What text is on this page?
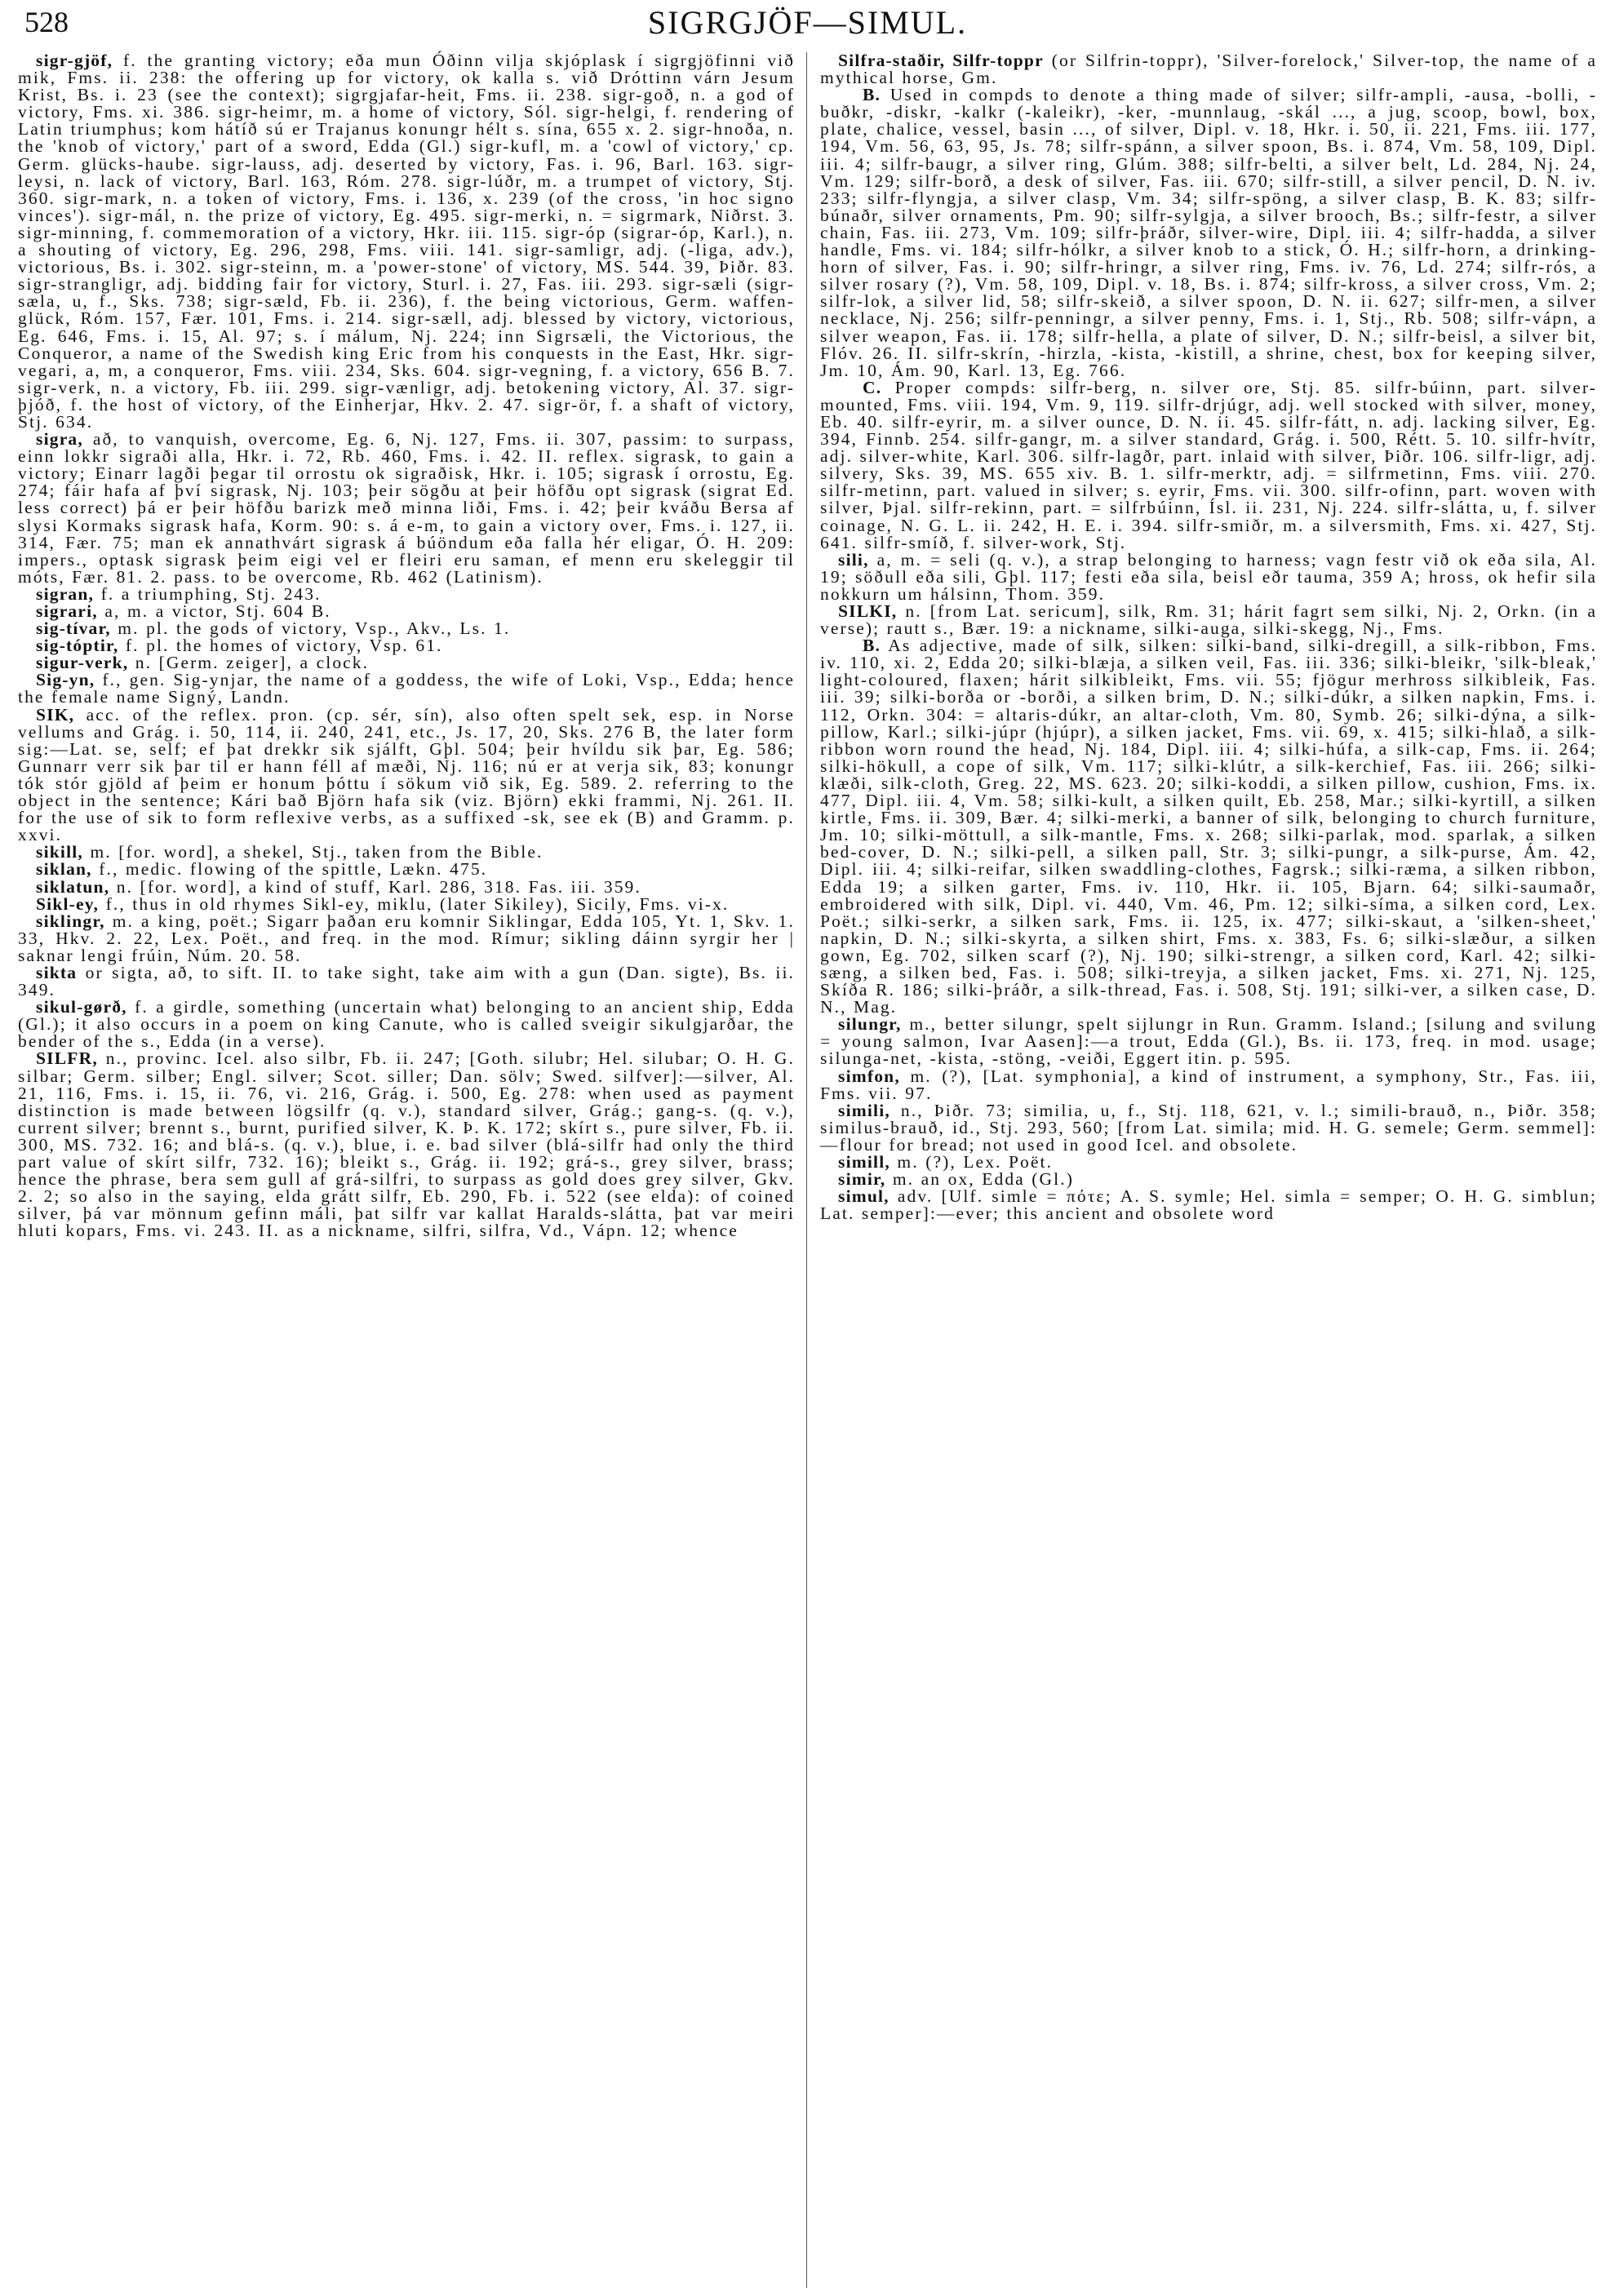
528	SIGRGJÖF—SIMUL.

sigr-gjöf, f. the granting victory; eða mun Óðinn vilja skjóplask í sigrgjöfinni við mik, Fms. ii. 238: the offering up for victory, ok kalla s. við Dróttinn várn Jesum Krist, Bs. i. 23 (see the context); sigrgjafar-heit, Fms. ii. 238. sigr-goð, n. a god of victory, Fms. xi. 386. sigr-heimr, m. a home of victory, Sól. sigr-helgi, f. rendering of Latin triumphus; kom hátíð sú er Trajanus konungr hélt s. sína, 655 x. 2. sigr-hnoða, n. the 'knob of victory,' part of a sword, Edda (Gl.) sigr-kufl, m. a 'cowl of victory,' cp. Germ. glücks-haube. sigr-lauss, adj. deserted by victory, Fas. i. 96, Barl. 163. sigr-leysi, n. lack of victory, Barl. 163, Róm. 278. sigr-lúðr, m. a trumpet of victory, Stj. 360. sigr-mark, n. a token of victory, Fms. i. 136, x. 239 (of the cross, 'in hoc signo vinces'). sigr-mál, n. the prize of victory, Eg. 495. sigr-merki, n. = sigrmark, Niðrst. 3. sigr-minning, f. commemoration of a victory, Hkr. iii. 115. sigr-óp (sigrar-óp, Karl.), n. a shouting of victory, Eg. 296, 298, Fms. viii. 141. sigr-samligr, adj. (-liga, adv.), victorious, Bs. i. 302. sigr-steinn, m. a 'power-stone' of victory, MS. 544. 39, Þiðr. 83. sigr-strangligr, adj. bidding fair for victory, Sturl. i. 27, Fas. iii. 293. sigr-sæli (sigr-sæla, u, f., Sks. 738; sigr-sæld, Fb. ii. 236), f. the being victorious, Germ. waffen-glück, Róm. 157, Fær. 101, Fms. i. 214. sigr-sæll, adj. blessed by victory, victorious, Eg. 646, Fms. i. 15, Al. 97; s. í málum, Nj. 224; inn Sigrsæli, the Victorious, the Conqueror, a name of the Swedish king Eric from his conquests in the East, Hkr. sigr-vegari, a, m, a conqueror, Fms. viii. 234, Sks. 604. sigr-vegning, f. a victory, 656 B. 7. sigr-verk, n. a victory, Fb. iii. 299. sigr-vænligr, adj. betokening victory, Al. 37. sigr-þjóð, f. the host of victory, of the Einherjar, Hkv. 2. 47. sigr-ör, f. a shaft of victory, Stj. 634.

sigra, að, to vanquish, overcome, Eg. 6, Nj. 127, Fms. ii. 307, passim: to surpass, einn lokkr sigraði alla, Hkr. i. 72, Rb. 460, Fms. i. 42. II. reflex. sigrask, to gain a victory; Einarr lagði þegar til orrostu ok sigraðisk, Hkr. i. 105; sigrask í orrostu, Eg. 274; fáir hafa af því sigrask, Nj. 103; þeir sögðu at þeir höfðu opt sigrask (sigrat Ed. less correct) þá er þeir höfðu barizk með minna liði, Fms. i. 42; þeir kváðu Bersa af slysi Kormaks sigrask hafa, Korm. 90: s. á e-m, to gain a victory over, Fms. i. 127, ii. 314, Fær. 75; man ek annathvárt sigrask á búöndum eða falla hér eligar, Ó. H. 209: impers., optask sigrask þeim eigi vel er fleiri eru saman, ef menn eru skeleggir til móts, Fær. 81. 2. pass. to be overcome, Rb. 462 (Latinism).

sigran, f. a triumphing, Stj. 243.

sigrari, a, m. a victor, Stj. 604 B.

sig-tívar, m. pl. the gods of victory, Vsp., Akv., Ls. 1.

sig-tóptir, f. pl. the homes of victory, Vsp. 61.

sigur-verk, n. [Germ. zeiger], a clock.

Sig-yn, f., gen. Sig-ynjar, the name of a goddess, the wife of Loki, Vsp., Edda; hence the female name Signý, Landn.

SIK, acc. of the reflex. pron. (cp. sér, sín), also often spelt sek, esp. in Norse vellums and Grág. i. 50, 114, ii. 240, 241, etc., Js. 17, 20, Sks. 276 B, the later form sig:—Lat. se, self; ef þat drekkr sik sjálft, Gþl. 504; þeir hvíldu sik þar, Eg. 586; Gunnarr verr sik þar til er hann féll af mæði, Nj. 116; nú er at verja sik, 83; konungr tók stór gjöld af þeim er honum þóttu í sökum við sik, Eg. 589. 2. referring to the object in the sentence; Kári bað Björn hafa sik (viz. Björn) ekki frammi, Nj. 261. II. for the use of sik to form reflexive verbs, as a suffixed -sk, see ek (B) and Gramm. p. xxvi.

sikill, m. [for. word], a shekel, Stj., taken from the Bible.

siklan, f., medic. flowing of the spittle, Lækn. 475.

siklatun, n. [for. word], a kind of stuff, Karl. 286, 318. Fas. iii. 359.

Sikl-ey, f., thus in old rhymes Sikl-ey, miklu, (later Sikiley), Sicily, Fms. vi-x.

siklingr, m. a king, poët.; Sigarr þaðan eru komnir Siklingar, Edda 105, Yt. 1, Skv. 1. 33, Hkv. 2. 22, Lex. Poët., and freq. in the mod. Rímur; sikling dáinn syrgir her | saknar lengi frúin, Núm. 20. 58.

sikta or sigta, að, to sift. II. to take sight, take aim with a gun (Dan. sigte), Bs. ii. 349.

sikul-gørð, f. a girdle, something (uncertain what) belonging to an ancient ship, Edda (Gl.); it also occurs in a poem on king Canute, who is called sveigir sikulgjarðar, the bender of the s., Edda (in a verse).

SILFR, n., provinc. Icel. also silbr, Fb. ii. 247; [Goth. silubr; Hel. silubar; O. H. G. silbar; Germ. silber; Engl. silver; Scot. siller; Dan. sölv; Swed. silfver]:—silver, Al. 21, 116, Fms. i. 15, ii. 76, vi. 216, Grág. i. 500, Eg. 278: when used as payment distinction is made between lögsilfr (q. v.), standard silver, Grág.; gang-s. (q. v.), current silver; brennt s., burnt, purified silver, K. Þ. K. 172; skírt s., pure silver, Fb. ii. 300, MS. 732. 16; and blá-s. (q. v.), blue, i. e. bad silver (blá-silfr had only the third part value of skírt silfr, 732. 16); bleikt s., Grág. ii. 192; grá-s., grey silver, brass; hence the phrase, bera sem gull af grá-silfri, to surpass as gold does grey silver, Gkv. 2. 2; so also in the saying, elda grátt silfr, Eb. 290, Fb. i. 522 (see elda): of coined silver, þá var mönnum gefinn máli, þat silfr var kallat Haralds-slátta, þat var meiri hluti kopars, Fms. vi. 243. II. as a nickname, silfri, silfra, Vd., Vápn. 12; whence

Silfra-staðir, Silfr-toppr (or Silfrin-toppr), 'Silver-forelock,' Silver-top, the name of a mythical horse, Gm.

B. Used in compds to denote a thing made of silver; silfr-ampli, -ausa, -bolli, -buðkr, -diskr, -kalkr (-kaleikr), -ker, -munnlaug, -skál ..., a jug, scoop, bowl, box, plate, chalice, vessel, basin ..., of silver, Dipl. v. 18, Hkr. i. 50, ii. 221, Fms. iii. 177, 194, Vm. 56, 63, 95, Js. 78; silfr-spánn, a silver spoon, Bs. i. 874, Vm. 58, 109, Dipl. iii. 4; silfr-baugr, a silver ring, Glúm. 388; silfr-belti, a silver belt, Ld. 284, Nj. 24, Vm. 129; silfr-borð, a desk of silver, Fas. iii. 670; silfr-still, a silver pencil, D. N. iv. 233; silfr-flyngja, a silver clasp, Vm. 34; silfr-spöng, a silver clasp, B. K. 83; silfr-búnaðr, silver ornaments, Pm. 90; silfr-sylgja, a silver brooch, Bs.; silfr-festr, a silver chain, Fas. iii. 273, Vm. 109; silfr-þráðr, silver-wire, Dipl. iii. 4; silfr-hadda, a silver handle, Fms. vi. 184; silfr-hólkr, a silver knob to a stick, Ó. H.; silfr-horn, a drinking-horn of silver, Fas. i. 90; silfr-hringr, a silver ring, Fms. iv. 76, Ld. 274; silfr-rós, a silver rosary (?), Vm. 58, 109, Dipl. v. 18, Bs. i. 874; silfr-kross, a silver cross, Vm. 2; silfr-lok, a silver lid, 58; silfr-skeið, a silver spoon, D. N. ii. 627; silfr-men, a silver necklace, Nj. 256; silfr-penningr, a silver penny, Fms. i. 1, Stj., Rb. 508; silfr-vápn, a silver weapon, Fas. ii. 178; silfr-hella, a plate of silver, D. N.; silfr-beisl, a silver bit, Flóv. 26. II. silfr-skrín, -hirzla, -kista, -kistill, a shrine, chest, box for keeping silver, Jm. 10, Ám. 90, Karl. 13, Eg. 766.

C. Proper compds: silfr-berg, n. silver ore, Stj. 85. silfr-búinn, part. silver-mounted, Fms. viii. 194, Vm. 9, 119. silfr-drjúgr, adj. well stocked with silver, money, Eb. 40. silfr-eyrir, m. a silver ounce, D. N. ii. 45. silfr-fátt, n. adj. lacking silver, Eg. 394, Finnb. 254. silfr-gangr, m. a silver standard, Grág. i. 500, Rétt. 5. 10. silfr-hvítr, adj. silver-white, Karl. 306. silfr-lagðr, part. inlaid with silver, Þiðr. 106. silfr-ligr, adj. silvery, Sks. 39, MS. 655 xiv. B. 1. silfr-merktr, adj. = silfrmetinn, Fms. viii. 270. silfr-metinn, part. valued in silver; s. eyrir, Fms. vii. 300. silfr-ofinn, part. woven with silver, Þjal. silfr-rekinn, part. = silfrbúinn, Ísl. ii. 231, Nj. 224. silfr-slátta, u, f. silver coinage, N. G. L. ii. 242, H. E. i. 394. silfr-smiðr, m. a silversmith, Fms. xi. 427, Stj. 641. silfr-smíð, f. silver-work, Stj.

sili, a, m. = seli (q. v.), a strap belonging to harness; vagn festr við ok eða sila, Al. 19; söðull eða sili, Gþl. 117; festi eða sila, beisl eðr tauma, 359 A; hross, ok hefir sila nokkurn um hálsinn, Thom. 359.

SILKI, n. [from Lat. sericum], silk, Rm. 31; hárit fagrt sem silki, Nj. 2, Orkn. (in a verse); rautt s., Bær. 19: a nickname, silki-auga, silki-skegg, Nj., Fms.

B. As adjective, made of silk, silken: silki-band, silki-dregill, a silk-ribbon, Fms. iv. 110, xi. 2, Edda 20; silki-blæja, a silken veil, Fas. iii. 336; silki-bleikr, 'silk-bleak,' light-coloured, flaxen; hárit silkibleikt, Fms. vii. 55; fjögur merhross silkibleik, Fas. iii. 39; silki-borða or -borði, a silken brim, D. N.; silki-dúkr, a silken napkin, Fms. i. 112, Orkn. 304: = altaris-dúkr, an altar-cloth, Vm. 80, Symb. 26; silki-dýna, a silk-pillow, Karl.; silki-júpr (hjúpr), a silken jacket, Fms. vii. 69, x. 415; silki-hlað, a silk-ribbon worn round the head, Nj. 184, Dipl. iii. 4; silki-húfa, a silk-cap, Fms. ii. 264; silki-hökull, a cope of silk, Vm. 117; silki-klútr, a silk-kerchief, Fas. iii. 266; silki-klæði, silk-cloth, Greg. 22, MS. 623. 20; silki-koddi, a silken pillow, cushion, Fms. ix. 477, Dipl. iii. 4, Vm. 58; silki-kult, a silken quilt, Eb. 258, Mar.; silki-kyrtill, a silken kirtle, Fms. ii. 309, Bær. 4; silki-merki, a banner of silk, belonging to church furniture, Jm. 10; silki-möttull, a silk-mantle, Fms. x. 268; silki-parlak, mod. sparlak, a silken bed-cover, D. N.; silki-pell, a silken pall, Str. 3; silki-pungr, a silk-purse, Ám. 42, Dipl. iii. 4; silki-reifar, silken swaddling-clothes, Fagrsk.; silki-ræma, a silken ribbon, Edda 19; a silken garter, Fms. iv. 110, Hkr. ii. 105, Bjarn. 64; silki-saumaðr, embroidered with silk, Dipl. vi. 440, Vm. 46, Pm. 12; silki-síma, a silken cord, Lex. Poët.; silki-serkr, a silken sark, Fms. ii. 125, ix. 477; silki-skaut, a 'silken-sheet,' napkin, D. N.; silki-skyrta, a silken shirt, Fms. x. 383, Fs. 6; silki-slæður, a silken gown, Eg. 702, silken scarf (?), Nj. 190; silki-strengr, a silken cord, Karl. 42; silki-sæng, a silken bed, Fas. i. 508; silki-treyja, a silken jacket, Fms. xi. 271, Nj. 125, Skíða R. 186; silki-þráðr, a silk-thread, Fas. i. 508, Stj. 191; silki-ver, a silken case, D. N., Mag.

silungr, m., better silungr, spelt sijlungr in Run. Gramm. Island.; [silung and svilung = young salmon, Ivar Aasen]:—a trout, Edda (Gl.), Bs. ii. 173, freq. in mod. usage; silunga-net, -kista, -stöng, -veiði, Eggert itin. p. 595.

simfon, m. (?), [Lat. symphonia], a kind of instrument, a symphony, Str., Fas. iii, Fms. vii. 97.

simili, n., Þiðr. 73; similia, u, f., Stj. 118, 621, v. l.; simili-brauð, n., Þiðr. 358; similus-brauð, id., Stj. 293, 560; [from Lat. simila; mid. H. G. semele; Germ. semmel]:—flour for bread; not used in good Icel. and obsolete.

simill, m. (?), Lex. Poët.

simir, m. an ox, Edda (Gl.)

simul, adv. [Ulf. simle = πότε; A. S. symle; Hel. simla = semper; O. H. G. simblun; Lat. semper]:—ever; this ancient and obsolete word
